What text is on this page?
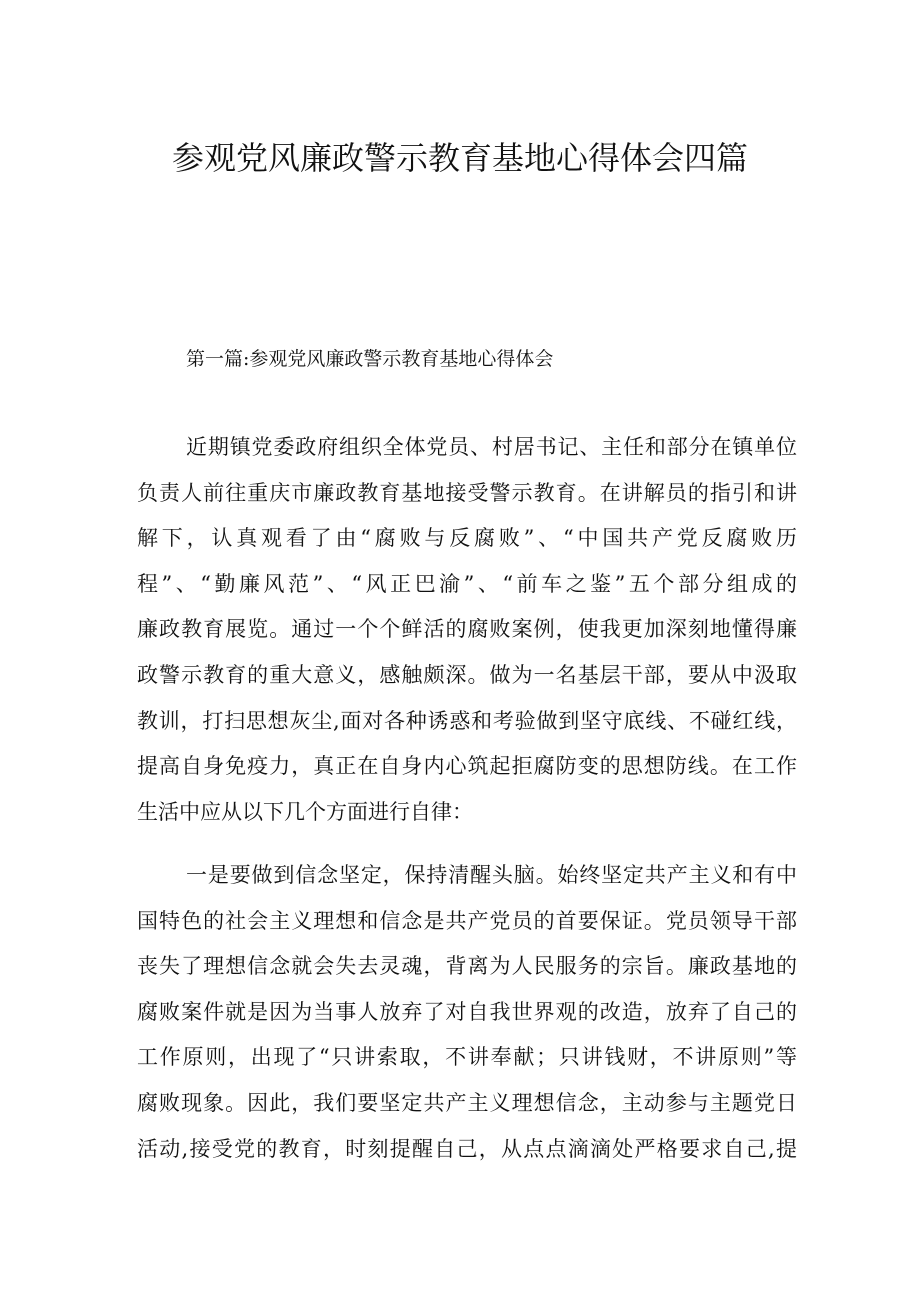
参观党风廉政警示教育基地心得体会四篇
第一篇:参观党风廉政警示教育基地心得体会
近期镇党委政府组织全体党员、村居书记、主任和部分在镇单位
负责人前往重庆市廉政教育基地接受警示教育。在讲解员的指引和讲
解下，认真观看了由“腐败与反腐败”、“中国共产党反腐败历
程”、“勤廉风范”、“风正巴渝”、“前车之鉴”五个部分组成的
廉政教育展览。通过一个个鲜活的腐败案例，使我更加深刻地懂得廉
政警示教育的重大意义，感触颇深。做为一名基层干部，要从中汲取
教训，打扫思想灰尘,面对各种诱惑和考验做到坚守底线、不碰红线，
提高自身免疫力，真正在自身内心筑起拒腐防变的思想防线。在工作
生活中应从以下几个方面进行自律：
一是要做到信念坚定，保持清醒头脑。始终坚定共产主义和有中
国特色的社会主义理想和信念是共产党员的首要保证。党员领导干部
丧失了理想信念就会失去灵魂，背离为人民服务的宗旨。廉政基地的
腐败案件就是因为当事人放弃了对自我世界观的改造，放弃了自己的
工作原则，出现了“只讲索取，不讲奉献；只讲钱财，不讲原则”等
腐败现象。因此，我们要坚定共产主义理想信念，主动参与主题党日
活动,接受党的教育，时刻提醒自己，从点点滴滴处严格要求自己,提
